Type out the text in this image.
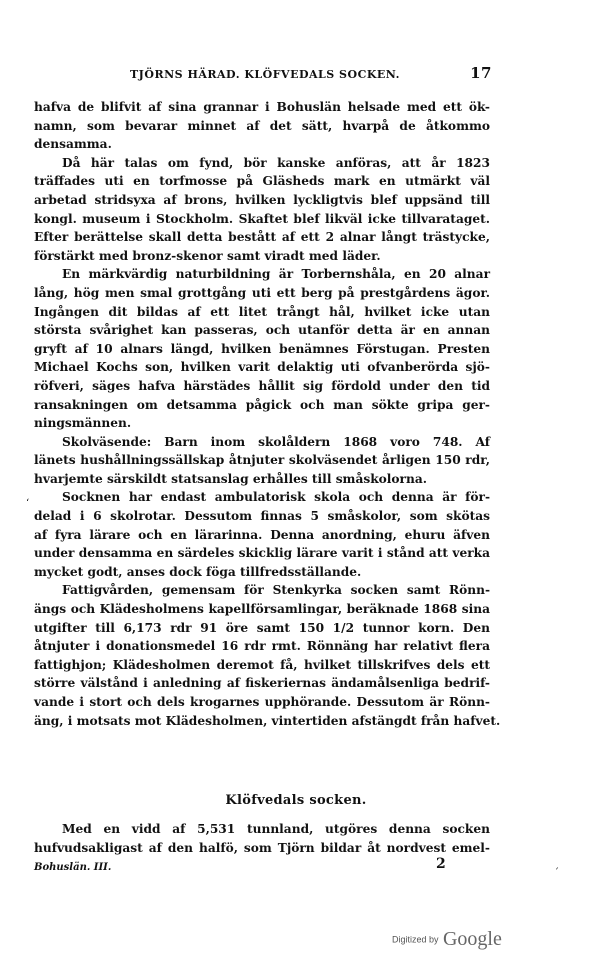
TJÖRNS HÄRAD. KLÖFVEDALS SOCKEN.	17
hafva de blifvit af sina grannar i Bohuslän helsade med ett ök-
namn, som bevarar minnet af det sätt, hvarpå de åtkommo
densamma.
Då här talas om fynd, bör kanske anföras, att år 1823
träffades uti en torfmosse på Gläsheds mark en utmärkt väl
arbetad stridsyxa af brons, hvilken lyckligtvis blef uppsänd till
kongl. museum i Stockholm. Skaftet blef likväl icke tillvarataget.
Efter berättelse skall detta bestått af ett 2 alnar långt trästycke,
förstärkt med bronz-skenor samt viradt med läder.
En märkvärdig naturbildning är Torbernshåla, en 20 alnar
lång, hög men smal grottgång uti ett berg på prestgårdens ägor.
Ingången dit bildas af ett litet trångt hål, hvilket icke utan
största svårighet kan passeras, och utanför detta är en annan
gryft af 10 alnars längd, hvilken benämnes Förstugan. Presten
Michael Kochs son, hvilken varit delaktig uti ofvanberörda sjö-
röfveri, säges hafva härstädes hållit sig fördold under den tid
ransakningen om detsamma pågick och man sökte gripa ger-
ningsmännen.
Skolväsende: Barn inom skolåldern 1868 voro 748. Af
länets hushållningssällskap åtnjuter skolväsendet årligen 150 rdr,
hvarjemte särskildt statsanslag erhålles till småskolorna.
Socknen har endast ambulatorisk skola och denna är för-
delad i 6 skolrotar. Dessutom finnas 5 småskolor, som skötas
af fyra lärare och en lärarinna. Denna anordning, ehuru äfven
under densamma en särdeles skicklig lärare varit i stånd att verka
mycket godt, anses dock föga tillfredsställande.
Fattigvården, gemensam för Stenkyrka socken samt Rönn-
ängs och Klädesholmens kapellförsamlingar, beräknade 1868 sina
utgifter till 6,173 rdr 91 öre samt 150 1/2 tunnor korn. Den
åtnjuter i donationsmedel 16 rdr rmt. Rönnäng har relativt flera
fattighjon; Klädesholmen deremot få, hvilket tillskrifves dels ett
större välstånd i anledning af fiskeriernas ändamålsenliga bedrif-
vande i stort och dels krogarnes upphörande. Dessutom är Rönn-
äng, i motsats mot Klädesholmen, vintertiden afstängdt från hafvet.
Klöfvedals socken.
Med en vidd af 5,531 tunnland, utgöres denna socken
hufvudsakligast af den halfö, som Tjörn bildar åt nordvest emel-
Bohuslän. III.	2
ʻ
´
Digitized by Google
